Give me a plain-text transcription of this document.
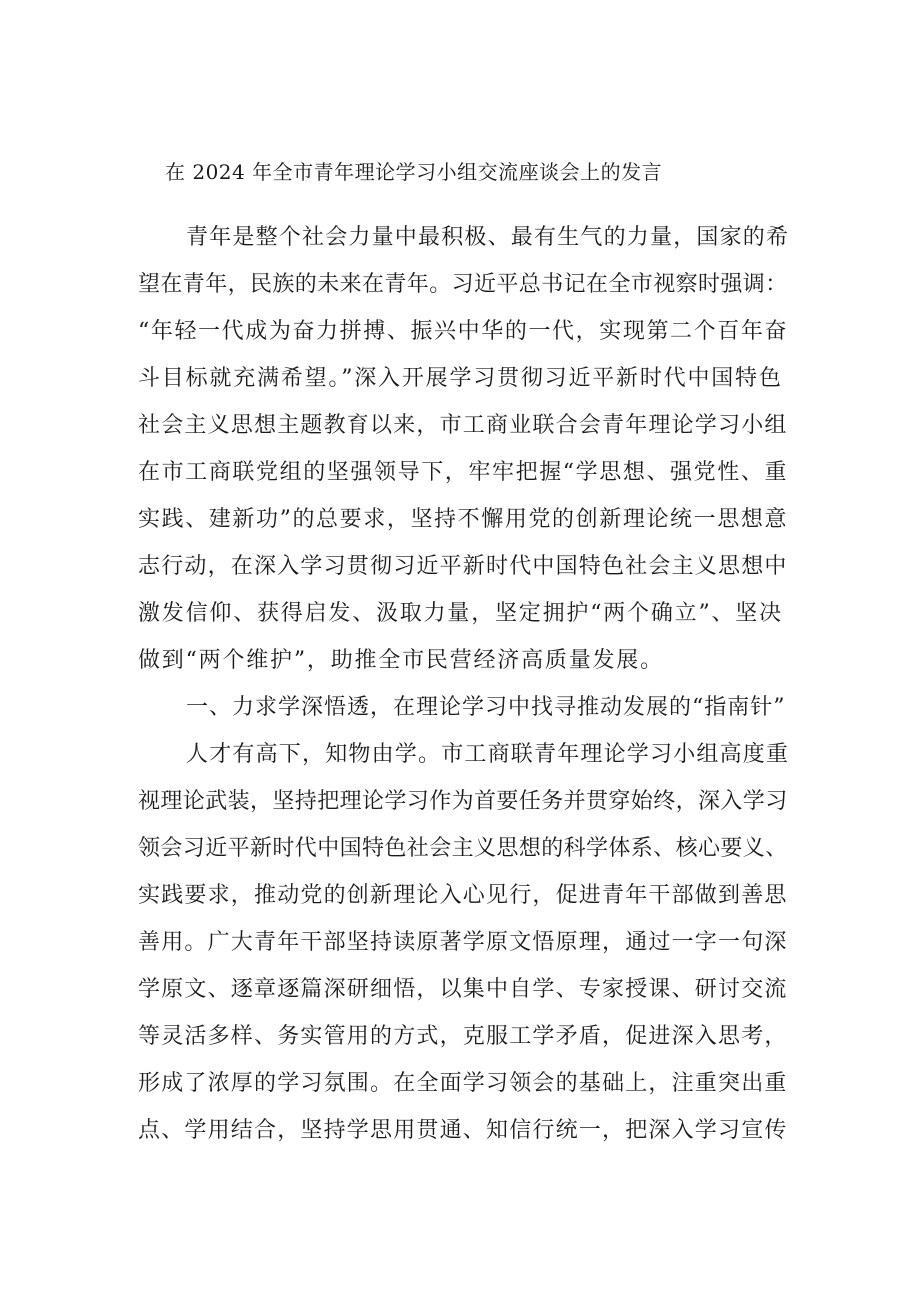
在 2024 年全市青年理论学习小组交流座谈会上的发言
青年是整个社会力量中最积极、最有生气的力量，国家的希
望在青年，民族的未来在青年。习近平总书记在全市视察时强调：
“年轻一代成为奋力拼搏、振兴中华的一代，实现第二个百年奋
斗目标就充满希望。”深入开展学习贯彻习近平新时代中国特色
社会主义思想主题教育以来，市工商业联合会青年理论学习小组
在市工商联党组的坚强领导下，牢牢把握“学思想、强党性、重
实践、建新功”的总要求，坚持不懈用党的创新理论统一思想意
志行动，在深入学习贯彻习近平新时代中国特色社会主义思想中
激发信仰、获得启发、汲取力量，坚定拥护“两个确立”、坚决
做到“两个维护”，助推全市民营经济高质量发展。
一、力求学深悟透，在理论学习中找寻推动发展的“指南针”
人才有高下，知物由学。市工商联青年理论学习小组高度重
视理论武装，坚持把理论学习作为首要任务并贯穿始终，深入学习
领会习近平新时代中国特色社会主义思想的科学体系、核心要义、
实践要求，推动党的创新理论入心见行，促进青年干部做到善思
善用。广大青年干部坚持读原著学原文悟原理，通过一字一句深
学原文、逐章逐篇深研细悟，以集中自学、专家授课、研讨交流
等灵活多样、务实管用的方式，克服工学矛盾，促进深入思考，
形成了浓厚的学习氛围。在全面学习领会的基础上，注重突出重
点、学用结合，坚持学思用贯通、知信行统一，把深入学习宣传
